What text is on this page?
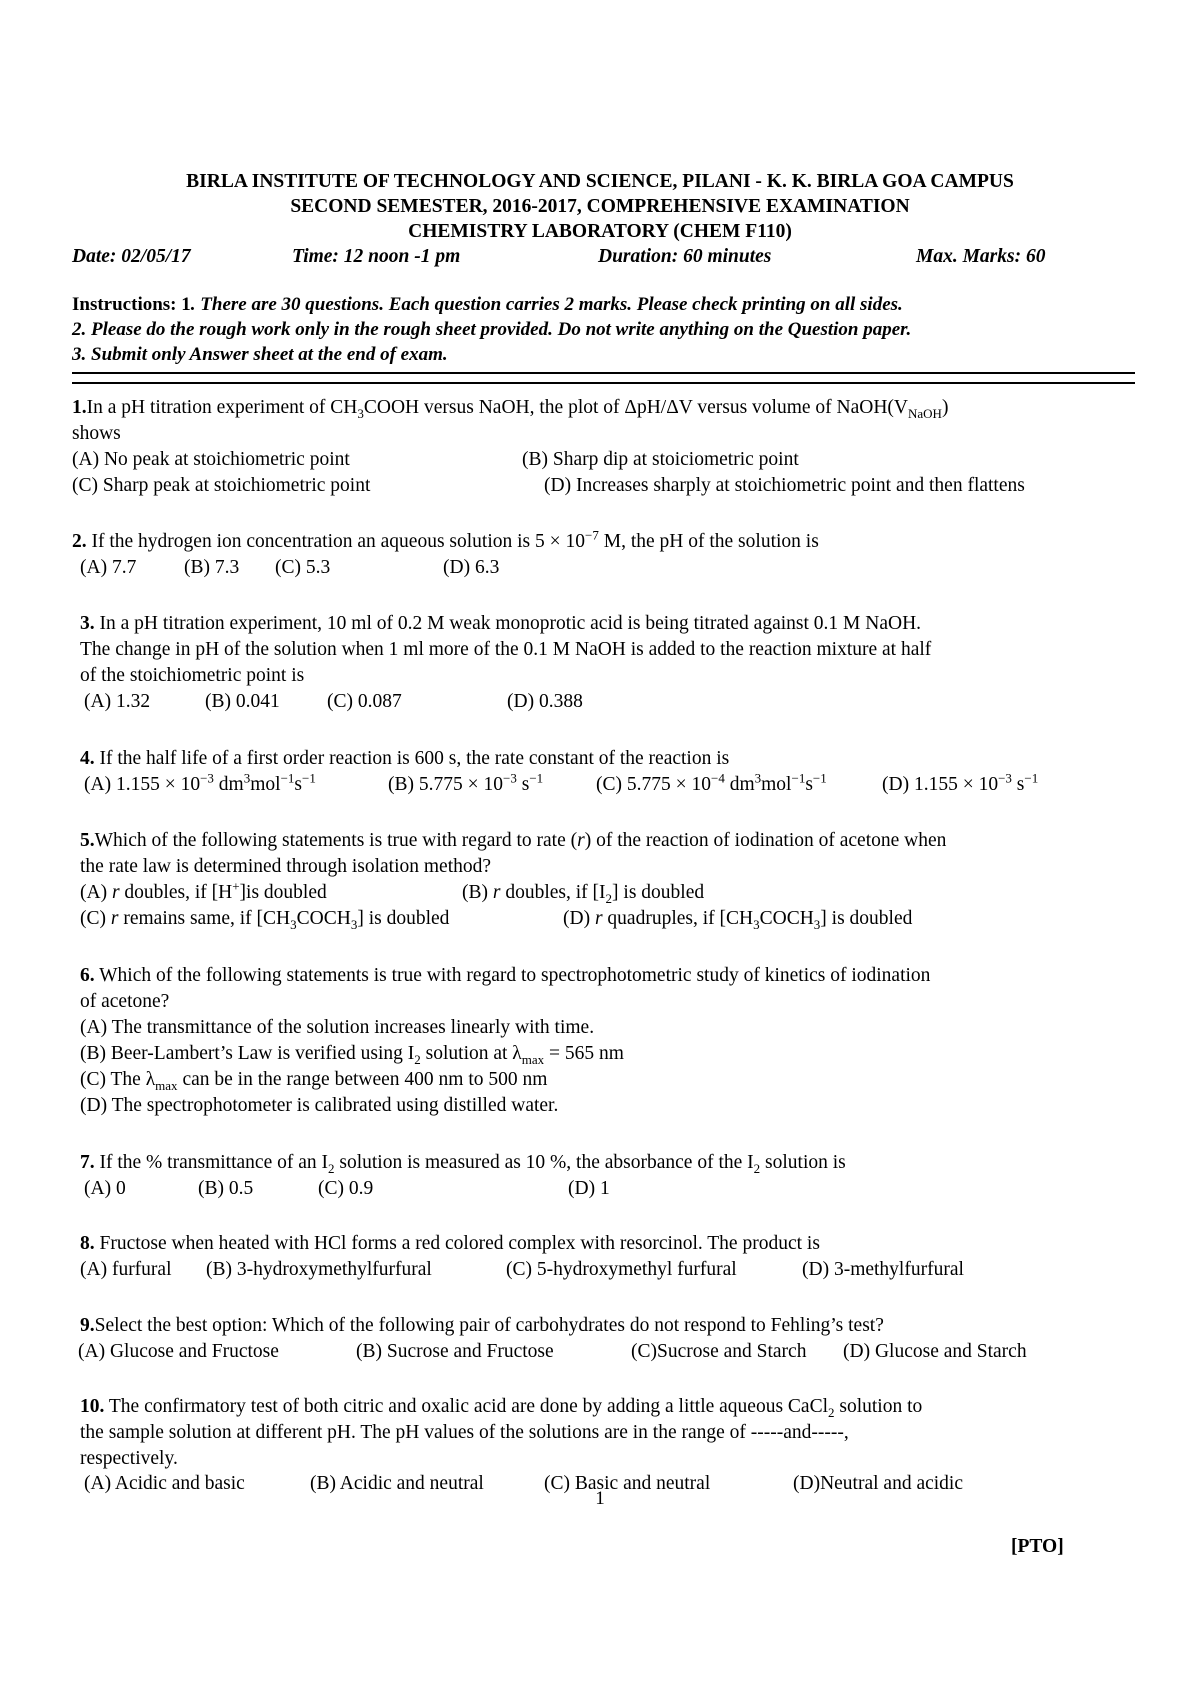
BIRLA INSTITUTE OF TECHNOLOGY AND SCIENCE, PILANI - K. K. BIRLA GOA CAMPUS
SECOND SEMESTER, 2016-2017, COMPREHENSIVE EXAMINATION
CHEMISTRY LABORATORY (CHEM F110)
Date: 02/05/17	Time: 12 noon -1 pm	Duration: 60 minutes	Max. Marks: 60
Instructions: 1. There are 30 questions. Each question carries 2 marks. Please check printing on all sides.
2. Please do the rough work only in the rough sheet provided. Do not write anything on the Question paper.
3. Submit only Answer sheet at the end of exam.
1.In a pH titration experiment of $CH_3COOH$ versus NaOH, the plot of ΔpH/ΔV versus volume of $NaOH(V_{NaOH})$
shows
(A) No peak at stoichiometric point	(B) Sharp dip at stoiciometric point
(C) Sharp peak at stoichiometric point	(D) Increases sharply at stoichiometric point and then flattens
2. If the hydrogen ion concentration an aqueous solution is $5 \times 10^{-7}$ M, the pH of the solution is
(A) 7.7 (B) 7.3 (C) 5.3	(D) 6.3
3. In a pH titration experiment, 10 ml of 0.2 M weak monoprotic acid is being titrated against 0.1 M NaOH.
The change in pH of the solution when 1 ml more of the 0.1 M NaOH is added to the reaction mixture at half
of the stoichiometric point is
(A) 1.32	(B) 0.041 (C) 0.087	(D) 0.388
4. If the half life of a first order reaction is 600 s, the rate constant of the reaction is
(A) $1.155 \times 10^{-3}$ $dm^3mol^{-1}s^{-1}$	(B) $5.775 \times 10^{-3}$ $s^{-1}$	(C) $5.775 \times 10^{-4}$ $dm^3mol^{-1}s^{-1}$	(D) $1.155 \times 10^{-3}$ $s^{-1}$
5.Which of the following statements is true with regard to rate (r) of the reaction of iodination of acetone when
the rate law is determined through isolation method?
(A) r doubles, if [H+]is doubled	(B) r doubles, if $[I_2]$ is doubled
(C) r remains same, if $[CH_3COCH_3]$ is doubled	(D) r quadruples, if $[CH_3COCH_3]$ is doubled
6. Which of the following statements is true with regard to spectrophotometric study of kinetics of iodination
of acetone?
(A) The transmittance of the solution increases linearly with time.
(B) Beer-Lambert’s Law is verified using $I_2$ solution at $\lambda_{max} = 565$ nm
(C) The $\lambda_{max}$ can be in the range between 400 nm to 500 nm
(D) The spectrophotometer is calibrated using distilled water.
7. If the % transmittance of an $I_2$ solution is measured as 10 %, the absorbance of the $I_2$ solution is
(A) 0	(B) 0.5	(C) 0.9	(D) 1
8. Fructose when heated with HCl forms a red colored complex with resorcinol. The product is
(A) furfural (B) 3-hydroxymethylfurfural	(C) 5-hydroxymethyl furfural	(D) 3-methylfurfural
9.Select the best option: Which of the following pair of carbohydrates do not respond to Fehling’s test?
(A) Glucose and Fructose	(B) Sucrose and Fructose	(C)Sucrose and Starch (D) Glucose and Starch
10. The confirmatory test of both citric and oxalic acid are done by adding a little aqueous CaCl$_2$ solution to
the sample solution at different pH. The pH values of the solutions are in the range of -----and-----,
respectively.
(A) Acidic and basic	(B) Acidic and neutral	(C) Basic and neutral	(D)Neutral and acidic
1
[PTO]
